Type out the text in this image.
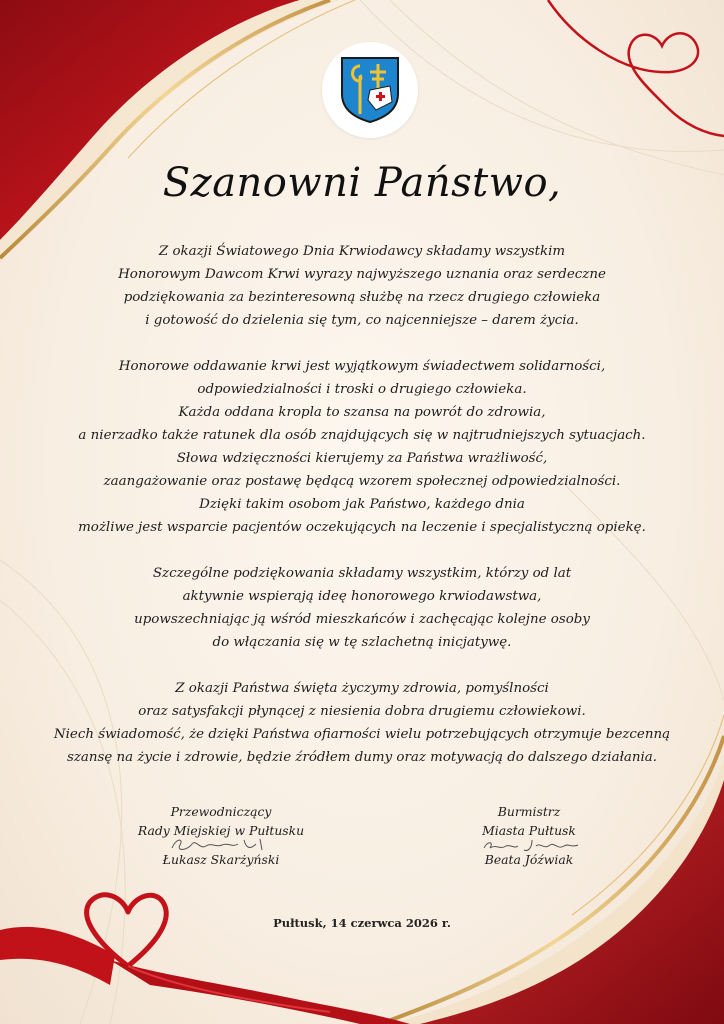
Szanowni Państwo,

Z okazji Światowego Dnia Krwiodawcy składamy wszystkim
Honorowym Dawcom Krwi wyrazy najwyższego uznania oraz serdeczne
podziękowania za bezinteresowną służbę na rzecz drugiego człowieka
i gotowość do dzielenia się tym, co najcenniejsze – darem życia.

Honorowe oddawanie krwi jest wyjątkowym świadectwem solidarności,
odpowiedzialności i troski o drugiego człowieka.
Każda oddana kropla to szansa na powrót do zdrowia,
a nierzadko także ratunek dla osób znajdujących się w najtrudniejszych sytuacjach.
Słowa wdzięczności kierujemy za Państwa wrażliwość,
zaangażowanie oraz postawę będącą wzorem społecznej odpowiedzialności.
Dzięki takim osobom jak Państwo, każdego dnia
możliwe jest wsparcie pacjentów oczekujących na leczenie i specjalistyczną opiekę.

Szczególne podziękowania składamy wszystkim, którzy od lat
aktywnie wspierają ideę honorowego krwiodawstwa,
upowszechniając ją wśród mieszkańców i zachęcając kolejne osoby
do włączania się w tę szlachetną inicjatywę.

Z okazji Państwa święta życzymy zdrowia, pomyślności
oraz satysfakcji płynącej z niesienia dobra drugiemu człowiekowi.
Niech świadomość, że dzięki Państwa ofiarności wielu potrzebujących otrzymuje bezcenną
szansę na życie i zdrowie, będzie źródłem dumy oraz motywacją do dalszego działania.

Przewodniczący
Rady Miejskiej w Pułtusku
Łukasz Skarżyński
Burmistrz
Miasta Pułtusk
Beata Jóźwiak
Pułtusk, 14 czerwca 2026 r.
